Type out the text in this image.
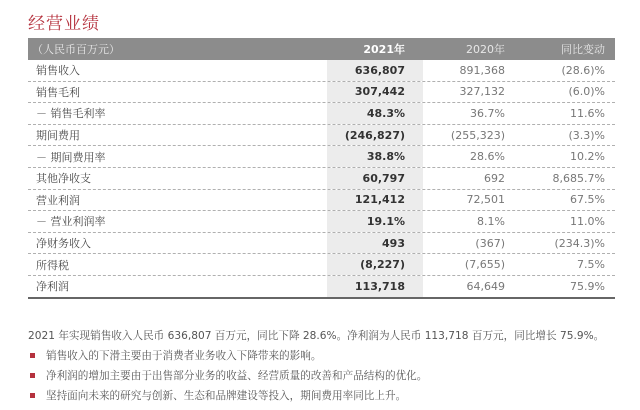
经营业绩
（人民币百万元）	2021年	2020年	同比变动
销售收入	636,807	891,368	(28.6)%
销售毛利	307,442	327,132	(6.0)%
－ 销售毛利率	48.3%	36.7%	11.6%
期间费用	(246,827)	(255,323)	(3.3)%
－ 期间费用率	38.8%	28.6%	10.2%
其他净收支	60,797	692	8,685.7%
营业利润	121,412	72,501	67.5%
－ 营业利润率	19.1%	8.1%	11.0%
净财务收入	493	(367)	(234.3)%
所得税	(8,227)	(7,655)	7.5%
净利润	113,718	64,649	75.9%
2021 年实现销售收入人民币 636,807 百万元，同比下降 28.6%。净利润为人民币 113,718 百万元，同比增长 75.9%。
销售收入的下滑主要由于消费者业务收入下降带来的影响。
净利润的增加主要由于出售部分业务的收益、经营质量的改善和产品结构的优化。
坚持面向未来的研究与创新、生态和品牌建设等投入，期间费用率同比上升。
